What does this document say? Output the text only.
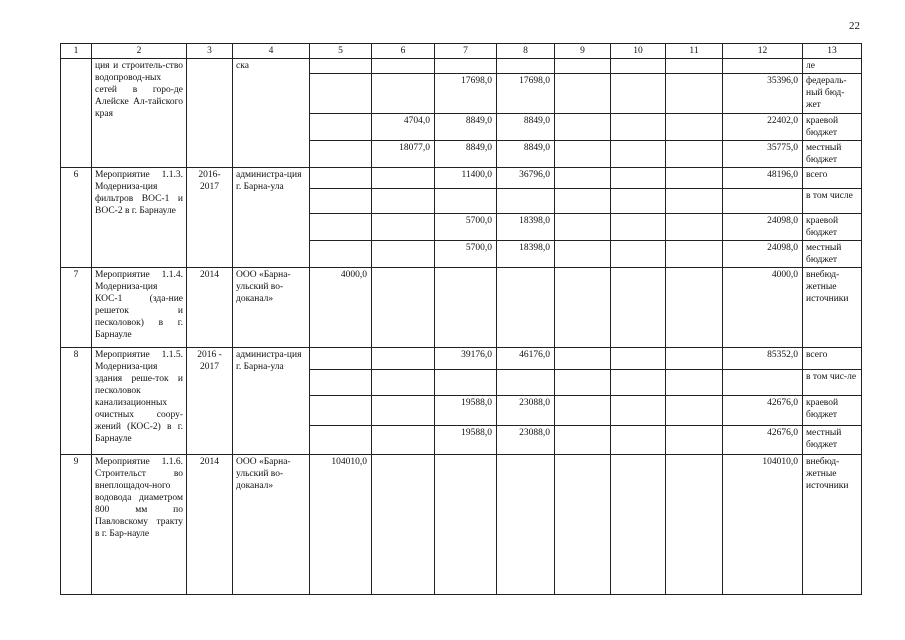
22
1	2	3	4	5	6	7	8	9	10	11	12	13
	ция и строитель-ство водопровод-ных сетей в горо-де Алейске Ал-тайского края		ска									ле
						17698,0	17698,0				35396,0	федераль-ный бюд-жет
					4704,0	8849,0	8849,0				22402,0	краевой бюджет
					18077,0	8849,0	8849,0				35775,0	местный бюджет
6	Мероприятие 1.1.3. Модерниза-ция фильтров ВОС-1 и ВОС-2 в г. Барнауле	2016-2017	администра-ция г. Барна-ула			11400,0	36796,0				48196,0	всего
												в том числе
						5700,0	18398,0				24098,0	краевой бюджет
						5700,0	18398,0				24098,0	местный бюджет
7	Мероприятие 1.1.4. Модерниза-ция КОС-1 (зда-ние решеток и песколовок) в г. Барнауле	2014	ООО «Барна-ульский во-доканал»	4000,0							4000,0	внебюд-жетные источники
8	Мероприятие 1.1.5. Модерниза-ция здания реше-ток и песколовок канализационных очистных соору-жений (КОС-2) в г. Барнауле	2016 - 2017	администра-ция г. Барна-ула			39176,0	46176,0				85352,0	всего
												в том чис-ле
						19588,0	23088,0				42676,0	краевой бюджет
						19588,0	23088,0				42676,0	местный бюджет
9	Мероприятие 1.1.6. Строительст во внеплощадоч-ного водовода диаметром 800 мм по Павловскому тракту в г. Бар-науле	2014	ООО «Барна-ульский во-доканал»	104010,0							104010,0	внебюд-жетные источники
